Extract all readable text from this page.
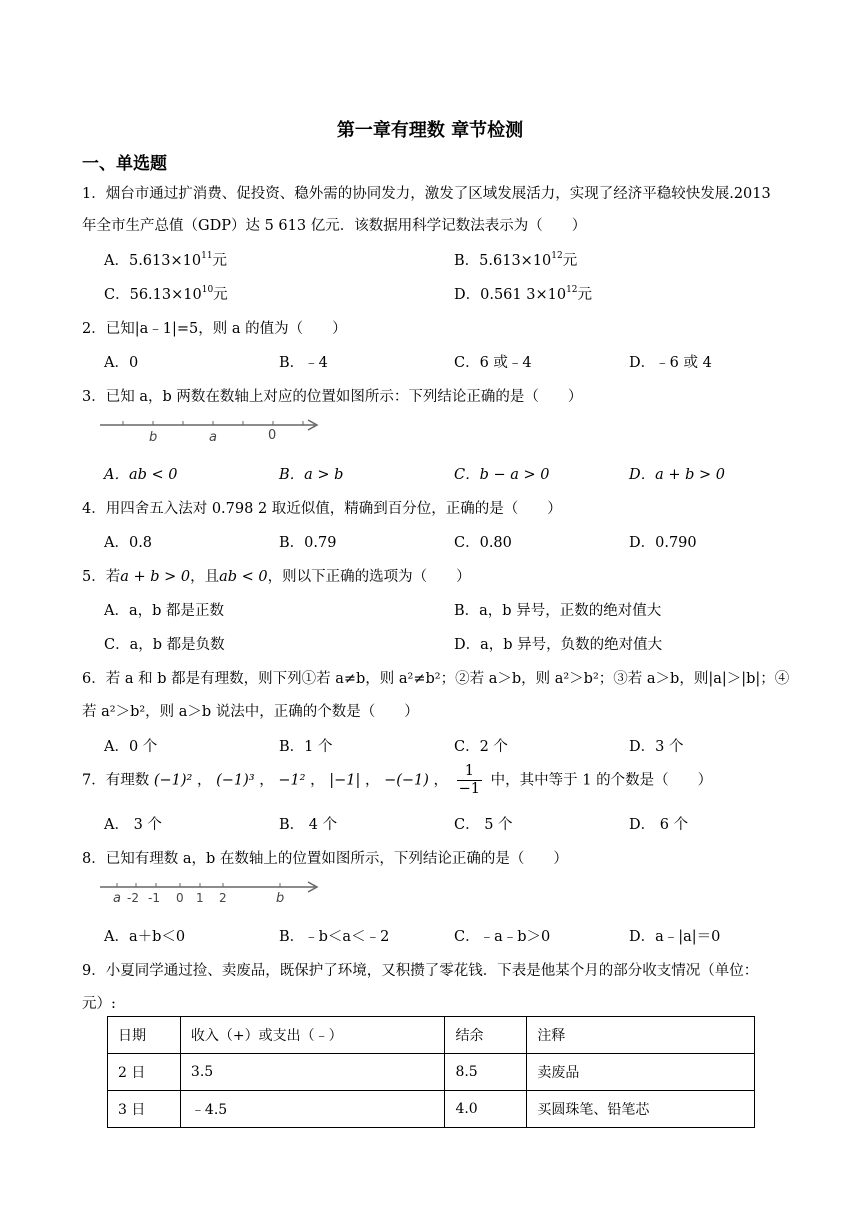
第一章有理数 章节检测
一、单选题
1．烟台市通过扩消费、促投资、稳外需的协同发力，激发了区域发展活力，实现了经济平稳较快发展.2013
年全市生产总值（GDP）达 5 613 亿元．该数据用科学记数法表示为（　　）
A．$5.613\times 10^{11}$元	B．$5.613\times 10^{12}$元
C．$56.13\times 10^{10}$元	D．0.561 $3\times 10^{12}$元
2．已知|a﹣1|=5，则 a 的值为（　　）
A．0	B．﹣4	C．6 或﹣4	D．﹣6 或 4
3．已知 a，b 两数在数轴上对应的位置如图所示：下列结论正确的是（　　）
b	a	0
A．ab < 0	B．a > b	C．b − a > 0	D．a + b > 0
4．用四舍五入法对 0.798 2 取近似值，精确到百分位，正确的是（　　）
A．0.8	B．0.79	C．0.80	D．0.790
5．若a + b > 0，且ab < 0，则以下正确的选项为（　　）
A．a，b 都是正数	B．a，b 异号，正数的绝对值大
C．a，b 都是负数	D．a，b 异号，负数的绝对值大
6．若 a 和 b 都是有理数，则下列①若 a≠b，则 a²≠b²；②若 a＞b，则 a²＞b²；③若 a＞b，则|a|＞|b|；④
若 a²＞b²，则 a＞b 说法中，正确的个数是（　　）
A．0 个	B．1 个	C．2 个	D．3 个
7．有理数 (−1)² ， (−1)³ ， −1² ， |−1| ， −(−1) ， $\frac{1}{-1}$ 中，其中等于 1 的个数是（　　）
A． 3 个	B． 4 个	C． 5 个	D． 6 个
8．已知有理数 a，b 在数轴上的位置如图所示，下列结论正确的是（　　）
a -2 -1 0 1 2	b
A．a＋b＜0	B．﹣b＜a＜﹣2	C．﹣a﹣b＞0	D．a﹣|a|＝0
9．小夏同学通过捡、卖废品，既保护了环境，又积攒了零花钱．下表是他某个月的部分收支情况（单位：
元）:
日期	收入（+）或支出（﹣）	结余	注释
2 日	3.5	8.5	卖废品
3 日	﹣4.5	4.0	买圆珠笔、铅笔芯
